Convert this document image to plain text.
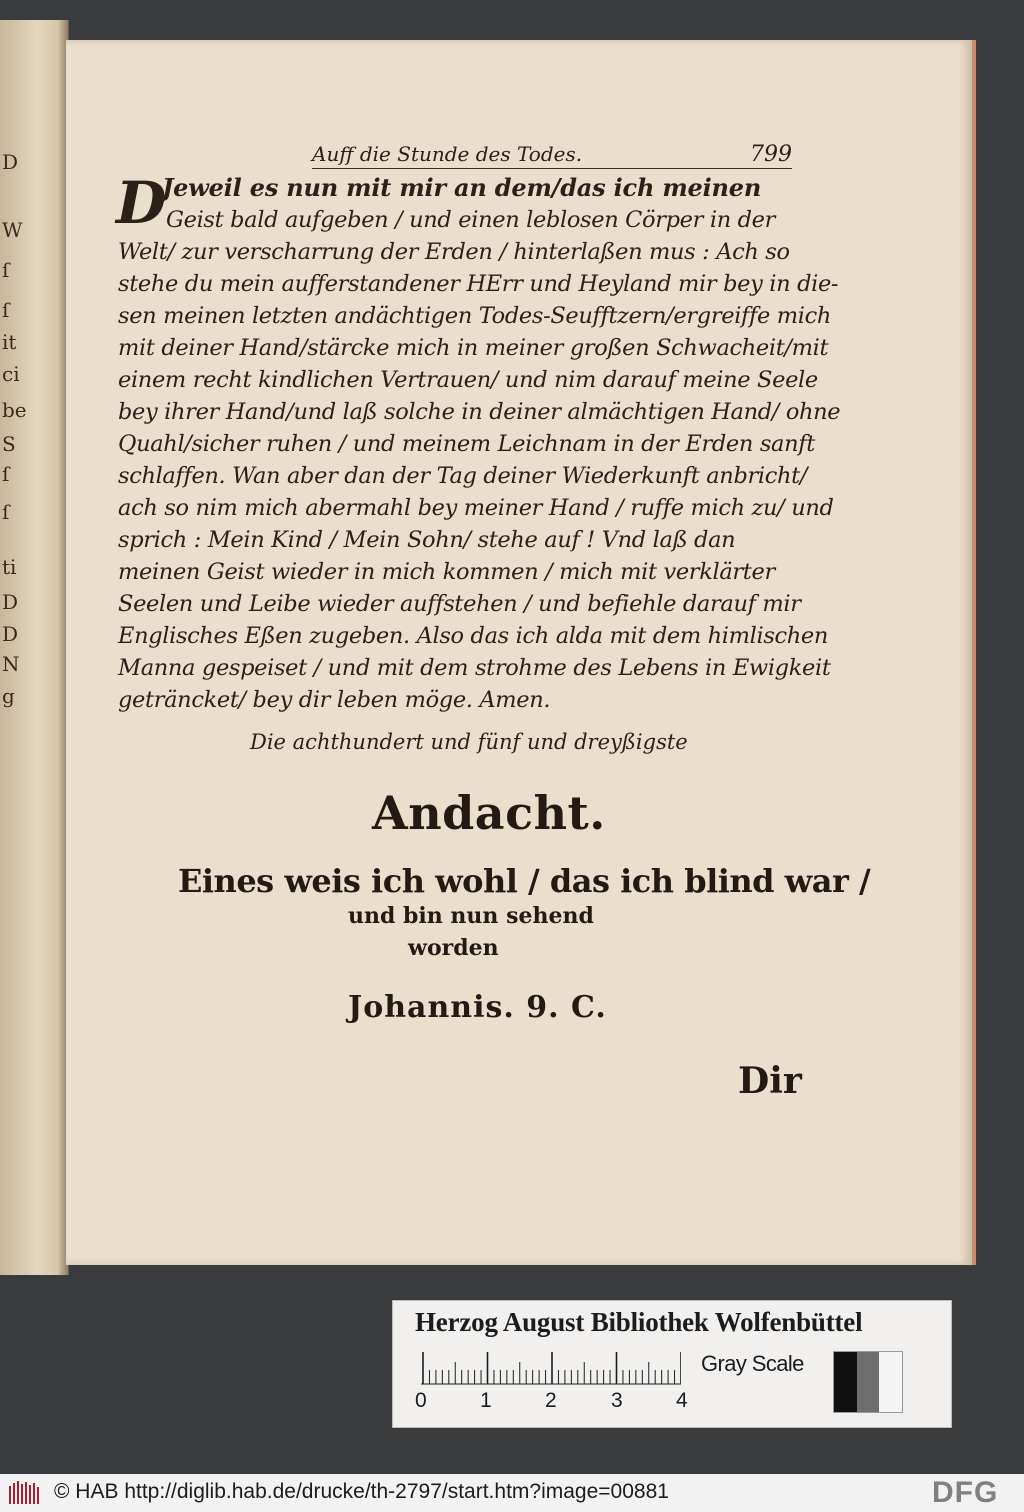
D
W
ſ
ſ
it
ci
be
S
ſ
ſ
ti
D
D
N
g
Auff die Stunde des Todes.	799
D
Jeweil es nun mit mir an dem/das ich meinen
Geist bald aufgeben / und einen leblosen Cörper in der
Welt/ zur verscharrung der Erden / hinterlaßen mus : Ach so
stehe du mein aufferstandener HErr und Heyland mir bey in die-
sen meinen letzten andächtigen Todes-Seufftzern/ergreiffe mich
mit deiner Hand/stärcke mich in meiner großen Schwacheit/mit
einem recht kindlichen Vertrauen/ und nim darauf meine Seele
bey ihrer Hand/und laß solche in deiner almächtigen Hand/ ohne
Quahl/sicher ruhen / und meinem Leichnam in der Erden sanft
schlaffen. Wan aber dan der Tag deiner Wiederkunft anbricht/
ach so nim mich abermahl bey meiner Hand / ruffe mich zu/ und
sprich : Mein Kind / Mein Sohn/ stehe auf ! Vnd laß dan
meinen Geist wieder in mich kommen / mich mit verklärter
Seelen und Leibe wieder auffstehen / und befiehle darauf mir
Englisches Eßen zugeben. Also das ich alda mit dem himlischen
Manna gespeiset / und mit dem strohme des Lebens in Ewigkeit
geträncket/ bey dir leben möge. Amen.
Die achthundert und fünf und dreyßigste
Andacht.
Eines weis ich wohl / das ich blind war /
und bin nun sehend
worden
Johannis. 9. C.
Dir
Herzog August Bibliothek Wolfenbüttel
0	1	2	3	4
Gray Scale
© HAB http://diglib.hab.de/drucke/th-2797/start.htm?image=00881	DFG
